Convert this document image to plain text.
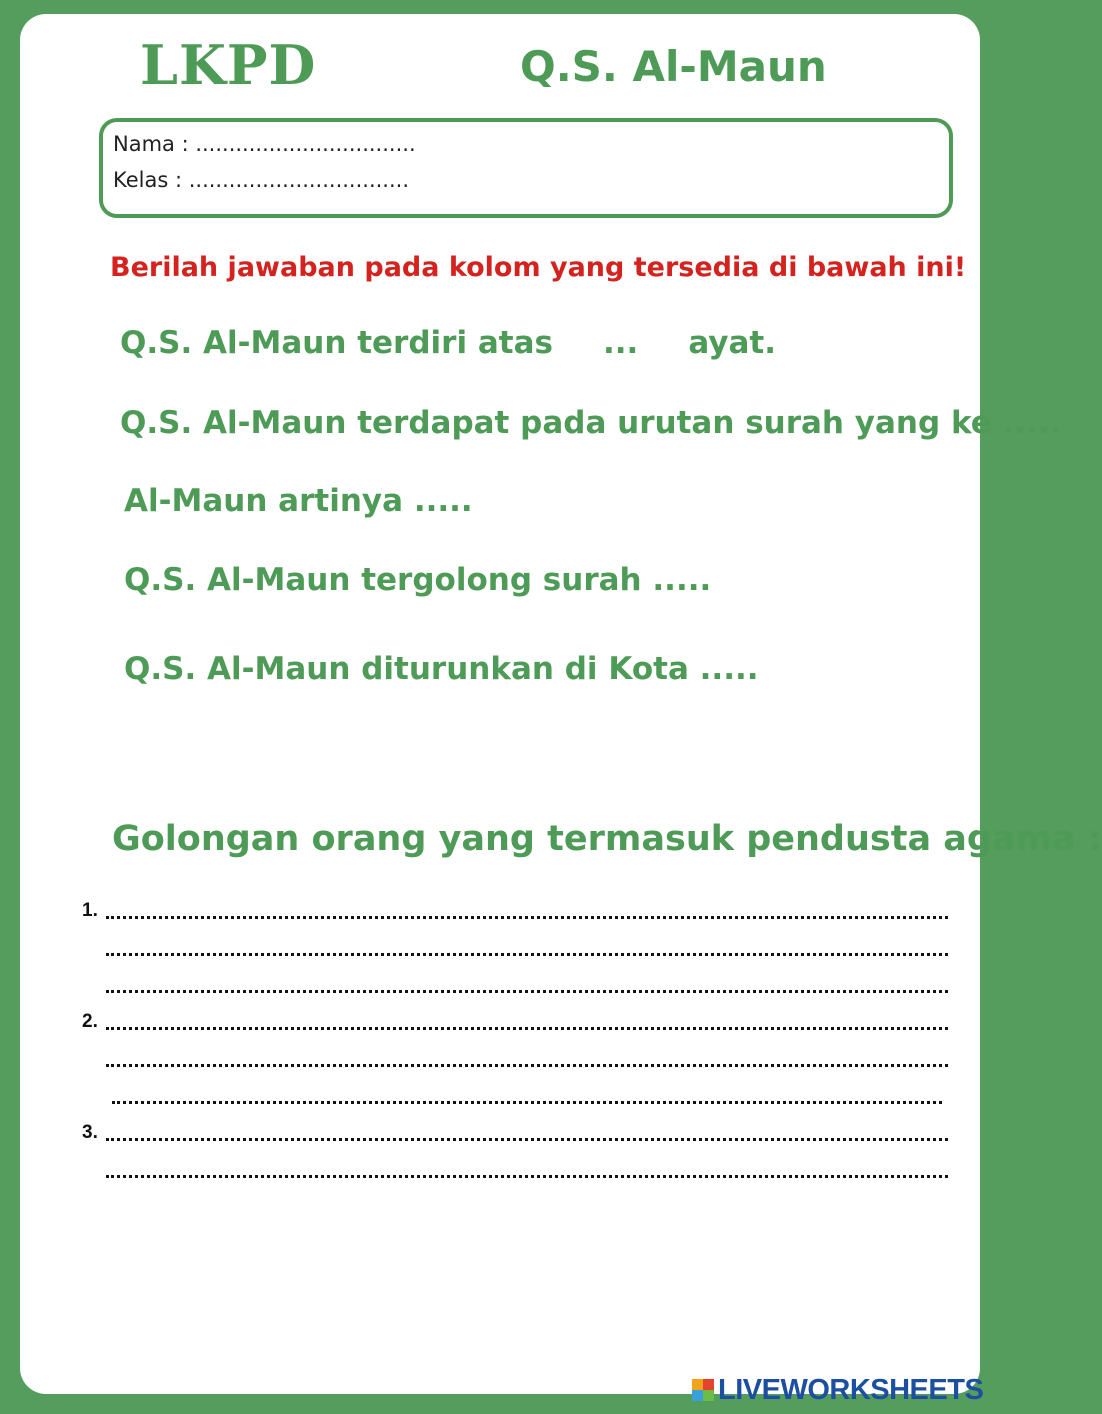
LKPD	Q.S. Al-Maun
Nama : .................................
Kelas : .................................
Berilah jawaban pada kolom yang tersedia di bawah ini!
Q.S. Al-Maun terdiri atas ... ayat.
Q.S. Al-Maun terdapat pada urutan surah yang ke .....
Al-Maun artinya .....
Q.S. Al-Maun tergolong surah .....
Q.S. Al-Maun diturunkan di Kota .....
Golongan orang yang termasuk pendusta agama :
1.
2.
3.
LIVEWORKSHEETS
